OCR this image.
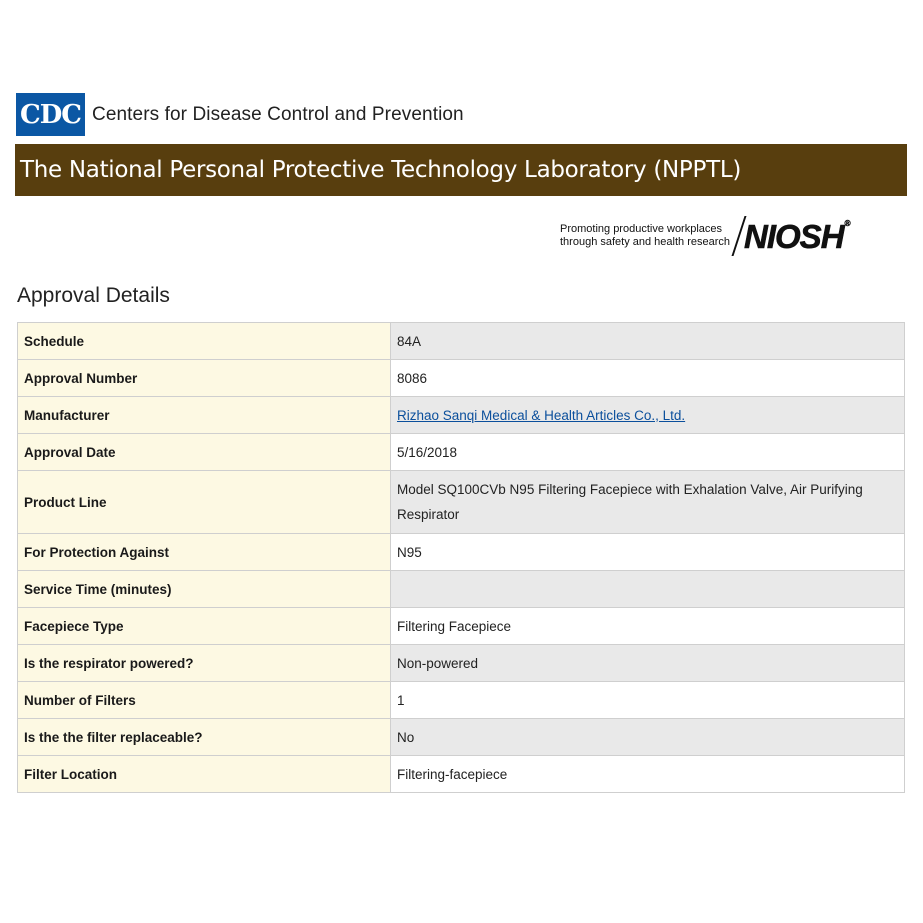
CDC Centers for Disease Control and Prevention
The National Personal Protective Technology Laboratory (NPPTL)
Promoting productive workplaces
through safety and health research NIOSH®
Approval Details
Schedule	84A
Approval Number	8086
Manufacturer	Rizhao Sanqi Medical & Health Articles Co., Ltd.
Approval Date	5/16/2018
Product Line	Model SQ100CVb N95 Filtering Facepiece with Exhalation Valve, Air Purifying Respirator
For Protection Against	N95
Service Time (minutes)	
Facepiece Type	Filtering Facepiece
Is the respirator powered?	Non-powered
Number of Filters	1
Is the the filter replaceable?	No
Filter Location	Filtering-facepiece
